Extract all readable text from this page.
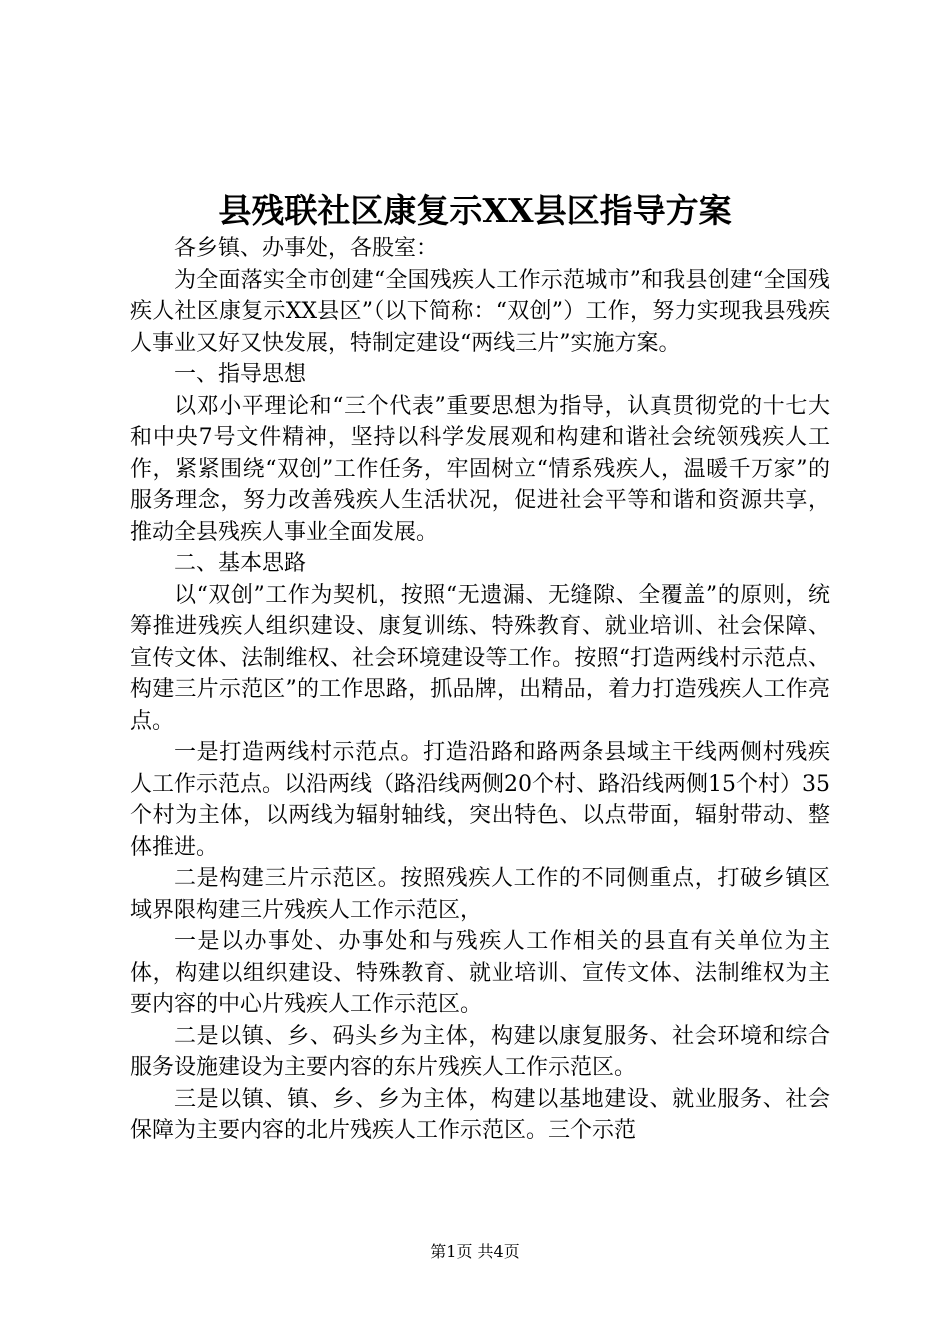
县残联社区康复示XX县区指导方案

各乡镇、办事处，各股室：

为全面落实全市创建“全国残疾人工作示范城市”和我县创建“全国残疾人社区康复示XX县区”（以下简称：“双创”）工作，努力实现我县残疾人事业又好又快发展，特制定建设“两线三片”实施方案。

一、指导思想

以邓小平理论和“三个代表”重要思想为指导，认真贯彻党的十七大和中央7号文件精神，坚持以科学发展观和构建和谐社会统领残疾人工作，紧紧围绕“双创”工作任务，牢固树立“情系残疾人，温暖千万家”的服务理念，努力改善残疾人生活状况，促进社会平等和谐和资源共享，推动全县残疾人事业全面发展。

二、基本思路

以“双创”工作为契机，按照“无遗漏、无缝隙、全覆盖”的原则，统筹推进残疾人组织建设、康复训练、特殊教育、就业培训、社会保障、宣传文体、法制维权、社会环境建设等工作。按照“打造两线村示范点、构建三片示范区”的工作思路，抓品牌，出精品，着力打造残疾人工作亮点。

一是打造两线村示范点。打造沿路和路两条县域主干线两侧村残疾人工作示范点。以沿两线（路沿线两侧20个村、路沿线两侧15个村）35个村为主体，以两线为辐射轴线，突出特色、以点带面，辐射带动、整体推进。

二是构建三片示范区。按照残疾人工作的不同侧重点，打破乡镇区域界限构建三片残疾人工作示范区，

一是以办事处、办事处和与残疾人工作相关的县直有关单位为主体，构建以组织建设、特殊教育、就业培训、宣传文体、法制维权为主要内容的中心片残疾人工作示范区。

二是以镇、乡、码头乡为主体，构建以康复服务、社会环境和综合服务设施建设为主要内容的东片残疾人工作示范区。

三是以镇、镇、乡、乡为主体，构建以基地建设、就业服务、社会保障为主要内容的北片残疾人工作示范区。三个示范

第1页 共4页
